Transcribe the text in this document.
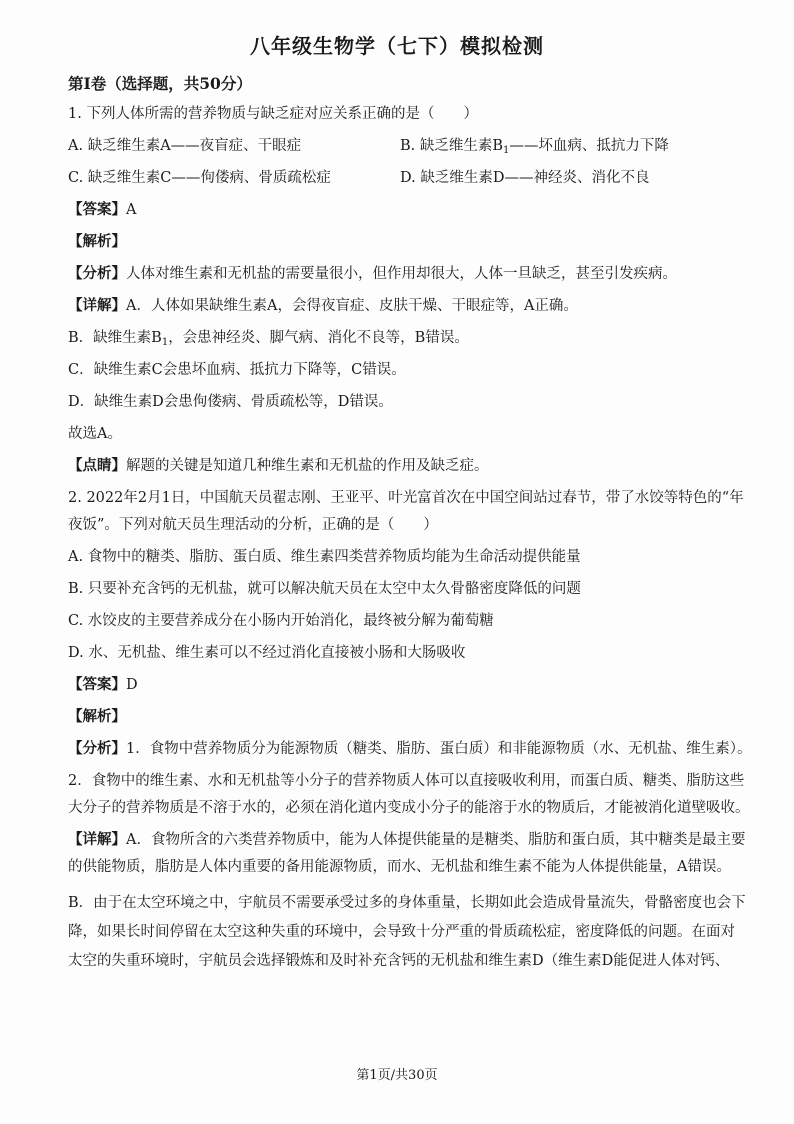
八年级生物学（七下）模拟检测
第Ⅰ卷（选择题，共50分）
1. 下列人体所需的营养物质与缺乏症对应关系正确的是（　　）
A. 缺乏维生素A——夜盲症、干眼症	B. 缺乏维生素$B_1——$坏血病、抵抗力下降
C. 缺乏维生素C——佝偻病、骨质疏松症	D. 缺乏维生素D——神经炎、消化不良
【答案】A
【解析】
【分析】人体对维生素和无机盐的需要量很小，但作用却很大，人体一旦缺乏，甚至引发疾病。
【详解】A．人体如果缺维生素A，会得夜盲症、皮肤干燥、干眼症等，A正确。
B．缺维生素$B_1$，会患神经炎、脚气病、消化不良等，B错误。
C．缺维生素C会患坏血病、抵抗力下降等，C错误。
D．缺维生素D会患佝偻病、骨质疏松等，D错误。
故选A。
【点睛】解题的关键是知道几种维生素和无机盐的作用及缺乏症。
2. 2022年2月1日，中国航天员翟志刚、王亚平、叶光富首次在中国空间站过春节，带了水饺等特色的“年
夜饭”。下列对航天员生理活动的分析，正确的是（　　）
A. 食物中的糖类、脂肪、蛋白质、维生素四类营养物质均能为生命活动提供能量
B. 只要补充含钙的无机盐，就可以解决航天员在太空中太久骨骼密度降低的问题
C. 水饺皮的主要营养成分在小肠内开始消化，最终被分解为葡萄糖
D. 水、无机盐、维生素可以不经过消化直接被小肠和大肠吸收
【答案】D
【解析】
【分析】1．食物中营养物质分为能源物质（糖类、脂肪、蛋白质）和非能源物质（水、无机盐、维生素）。
2．食物中的维生素、水和无机盐等小分子的营养物质人体可以直接吸收利用，而蛋白质、糖类、脂肪这些
大分子的营养物质是不溶于水的，必须在消化道内变成小分子的能溶于水的物质后，才能被消化道壁吸收。
【详解】A．食物所含的六类营养物质中，能为人体提供能量的是糖类、脂肪和蛋白质，其中糖类是最主要
的供能物质，脂肪是人体内重要的备用能源物质，而水、无机盐和维生素不能为人体提供能量，A错误。
B．由于在太空环境之中，宇航员不需要承受过多的身体重量，长期如此会造成骨量流失，骨骼密度也会下
降，如果长时间停留在太空这种失重的环境中，会导致十分严重的骨质疏松症，密度降低的问题。在面对
太空的失重环境时，宇航员会选择锻炼和及时补充含钙的无机盐和维生素D（维生素D能促进人体对钙、
第1页/共30页
